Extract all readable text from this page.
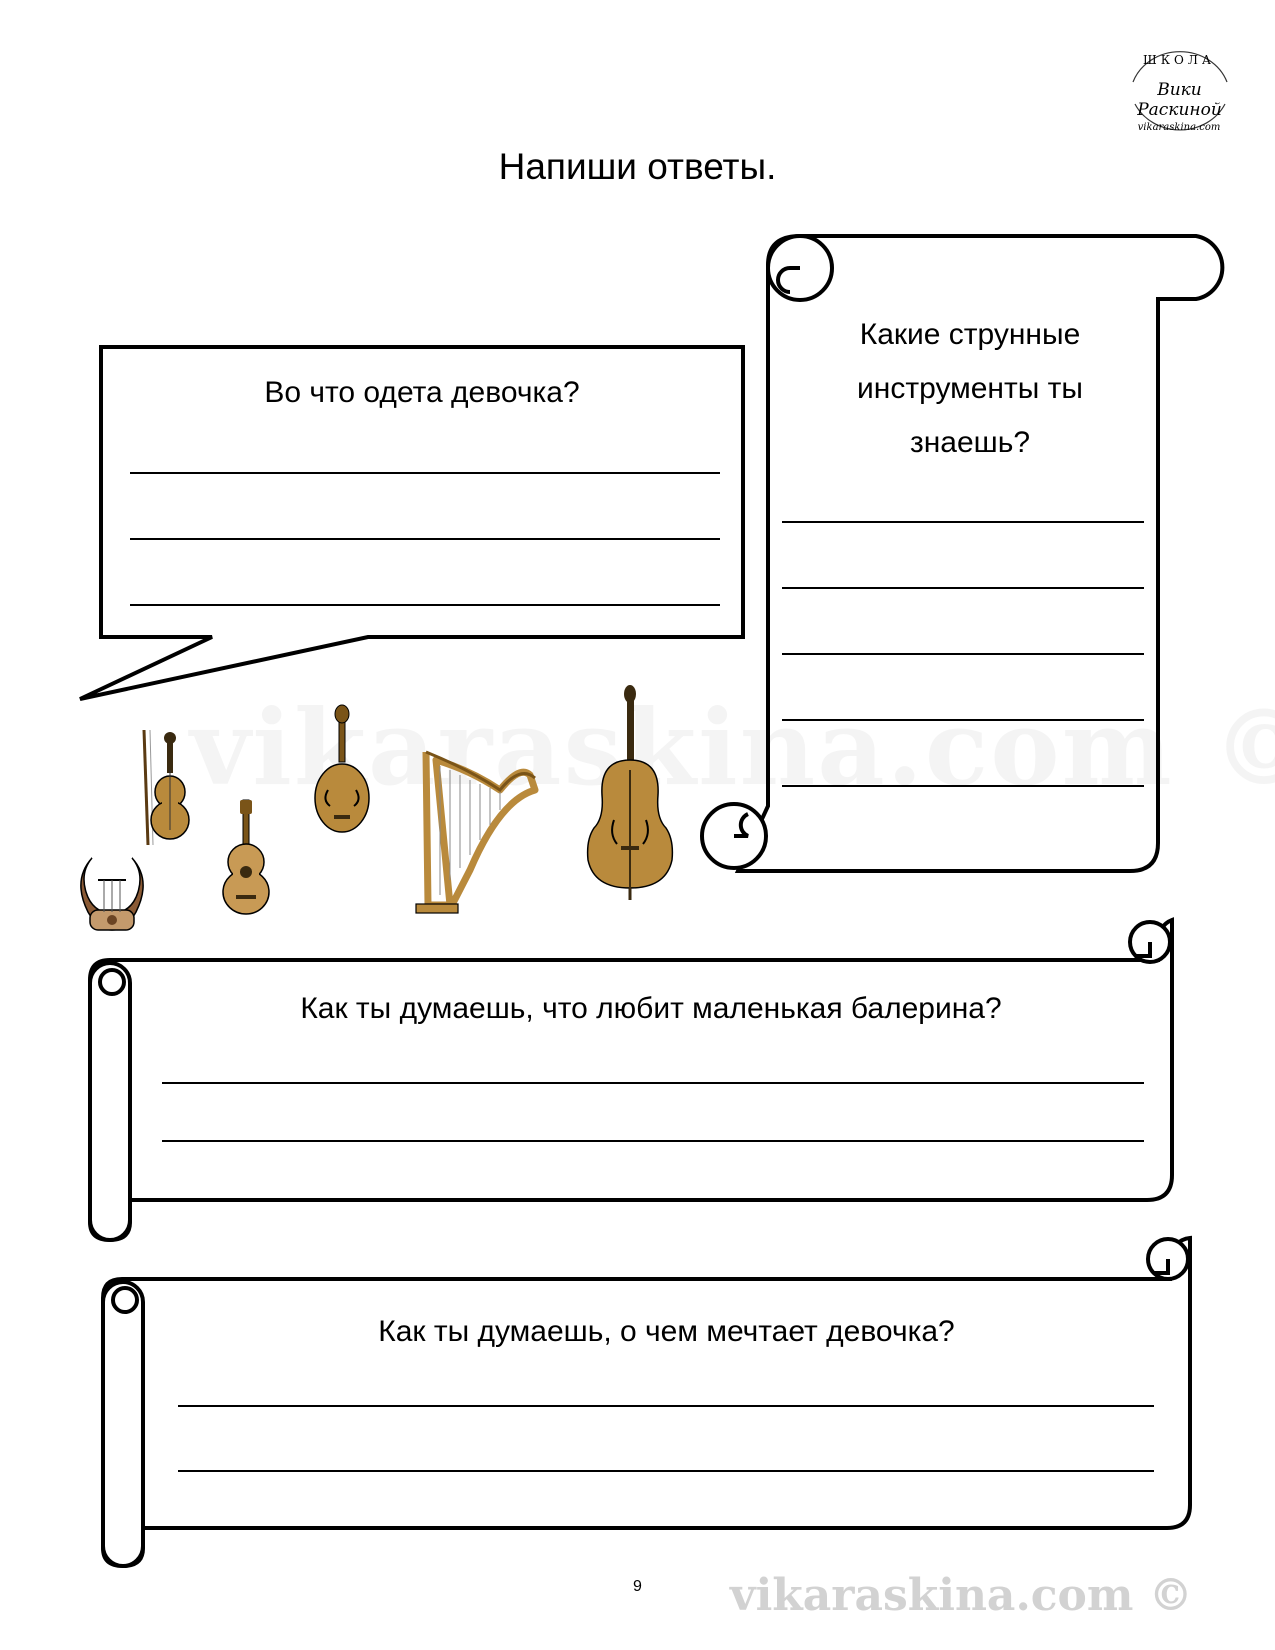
ШКОЛА
vikaraskina.com
Вики Раскиной
Напиши ответы.
Во что одета девочка?
Какие струнные инструменты ты знаешь?
Как ты думаешь, что любит маленькая балерина?
Как ты думаешь, о чем мечтает девочка?
9	vikaraskina.com ©
